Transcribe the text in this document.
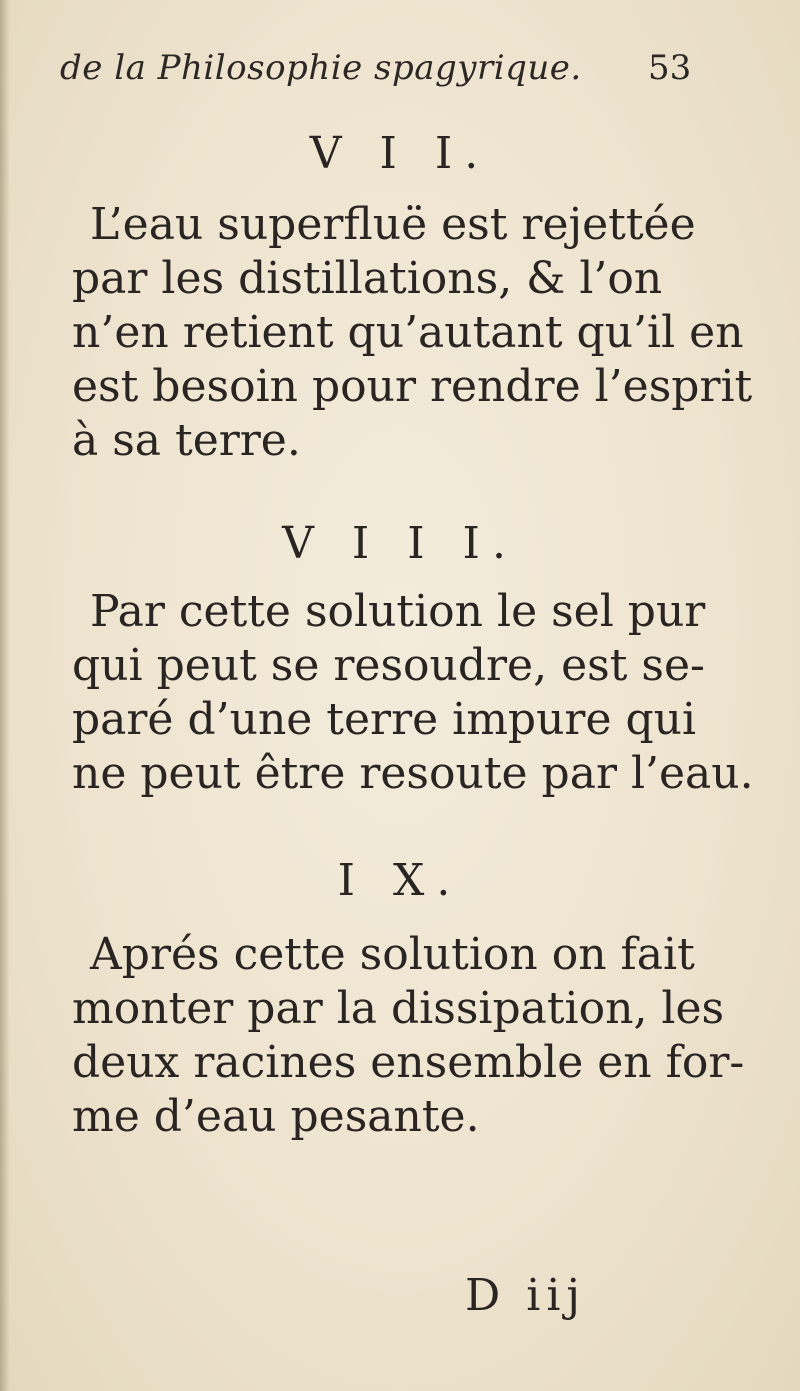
de la Philosophie spagyrique.	53
V I I.

L’eau superfluë est rejettée
par les distillations, & l’on
n’en retient qu’autant qu’il en
est besoin pour rendre l’esprit
à sa terre.

V I I I.

Par cette solution le sel pur
qui peut se resoudre, est se-
paré d’une terre impure qui
ne peut être resoute par l’eau.

I X.

Aprés cette solution on fait
monter par la dissipation, les
deux racines ensemble en for-
me d’eau pesante.

D iij
